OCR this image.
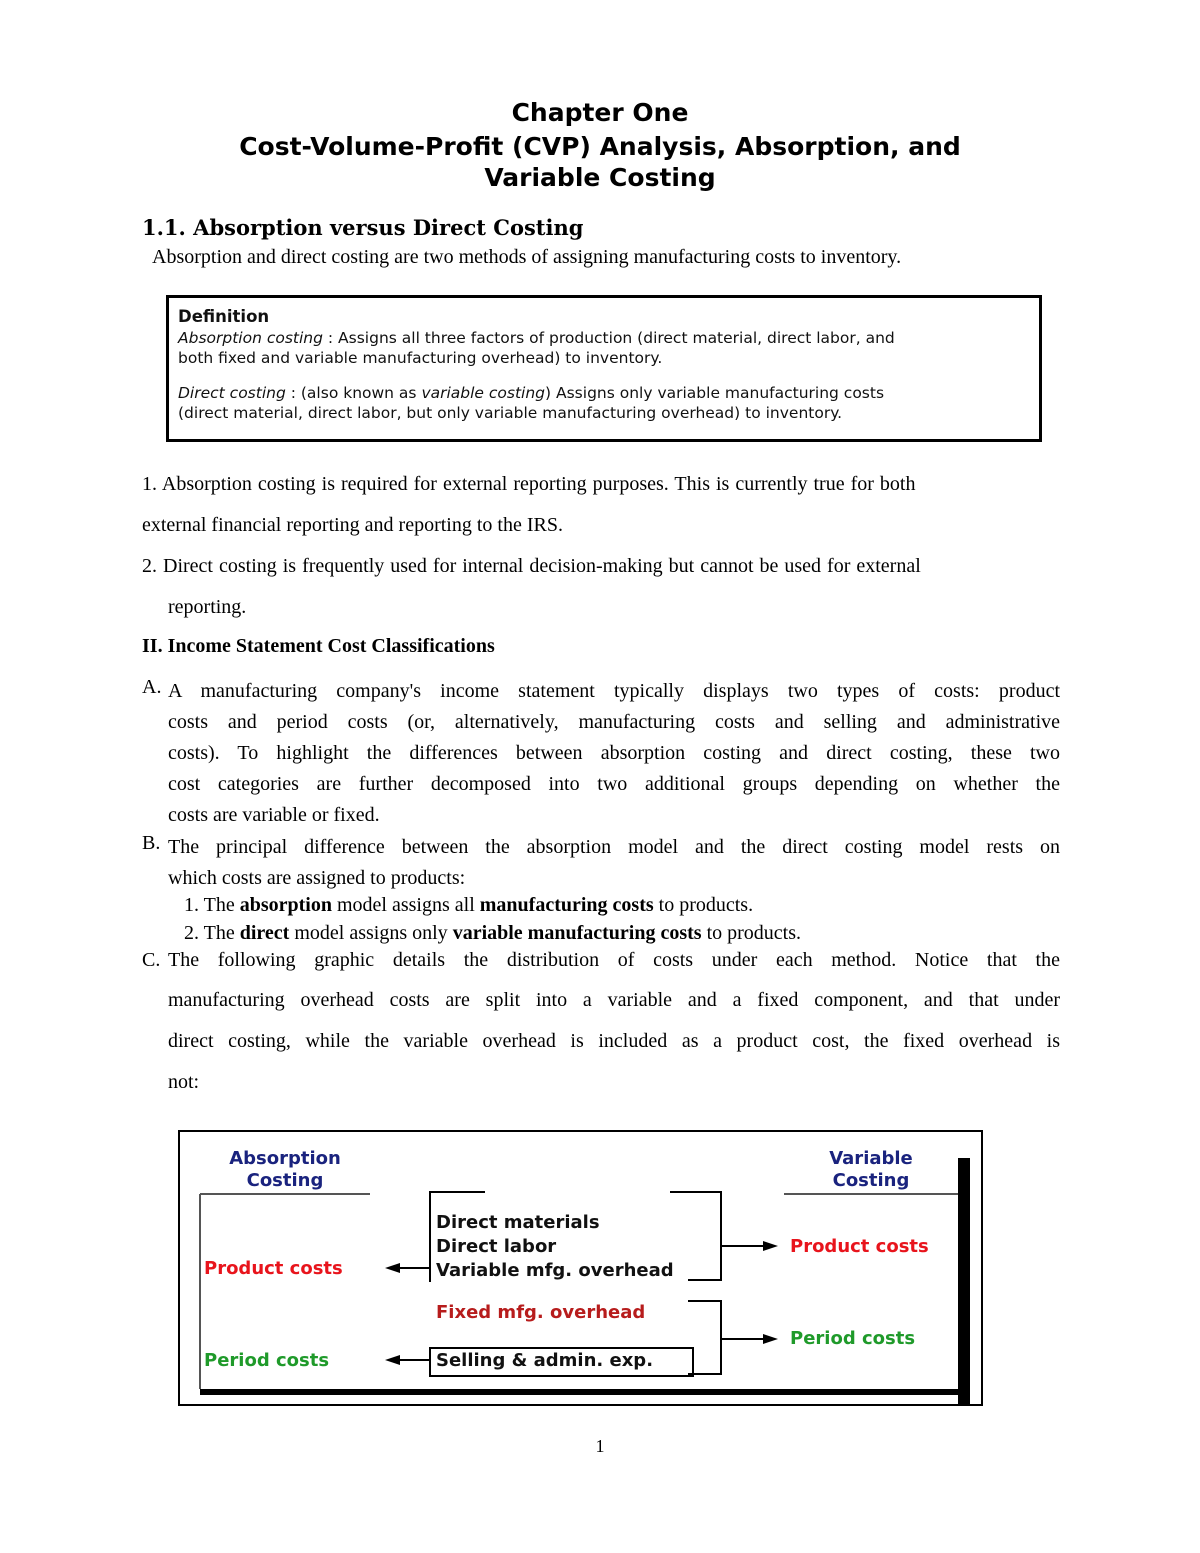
Chapter One
Cost-Volume-Profit (CVP) Analysis, Absorption, and
Variable Costing
1.1. Absorption versus Direct Costing
Absorption and direct costing are two methods of assigning manufacturing costs to inventory.
Definition
Absorption costing : Assigns all three factors of production (direct material, direct labor, and
both fixed and variable manufacturing overhead) to inventory.
Direct costing : (also known as variable costing) Assigns only variable manufacturing costs
(direct material, direct labor, but only variable manufacturing overhead) to inventory.
1. Absorption costing is required for external reporting purposes. This is currently true for both
external financial reporting and reporting to the IRS.
2. Direct costing is frequently used for internal decision-making but cannot be used for external
reporting.
II. Income Statement Cost Classifications
A. A manufacturing company's income statement typically displays two types of costs: product
costs and period costs (or, alternatively, manufacturing costs and selling and administrative
costs). To highlight the differences between absorption costing and direct costing, these two
cost categories are further decomposed into two additional groups depending on whether the
costs are variable or fixed.
B. The principal difference between the absorption model and the direct costing model rests on
which costs are assigned to products:
1. The absorption model assigns all manufacturing costs to products.
2. The direct model assigns only variable manufacturing costs to products.
C. The following graphic details the distribution of costs under each method. Notice that the
manufacturing overhead costs are split into a variable and a fixed component, and that under
direct costing, while the variable overhead is included as a product cost, the fixed overhead is
not:
Absorption
Costing
Variable
Costing
Direct materials
Direct labor
Variable mfg. overhead
Fixed mfg. overhead
Selling & admin. exp.
Product costs
Period costs
Product costs
Period costs
1
